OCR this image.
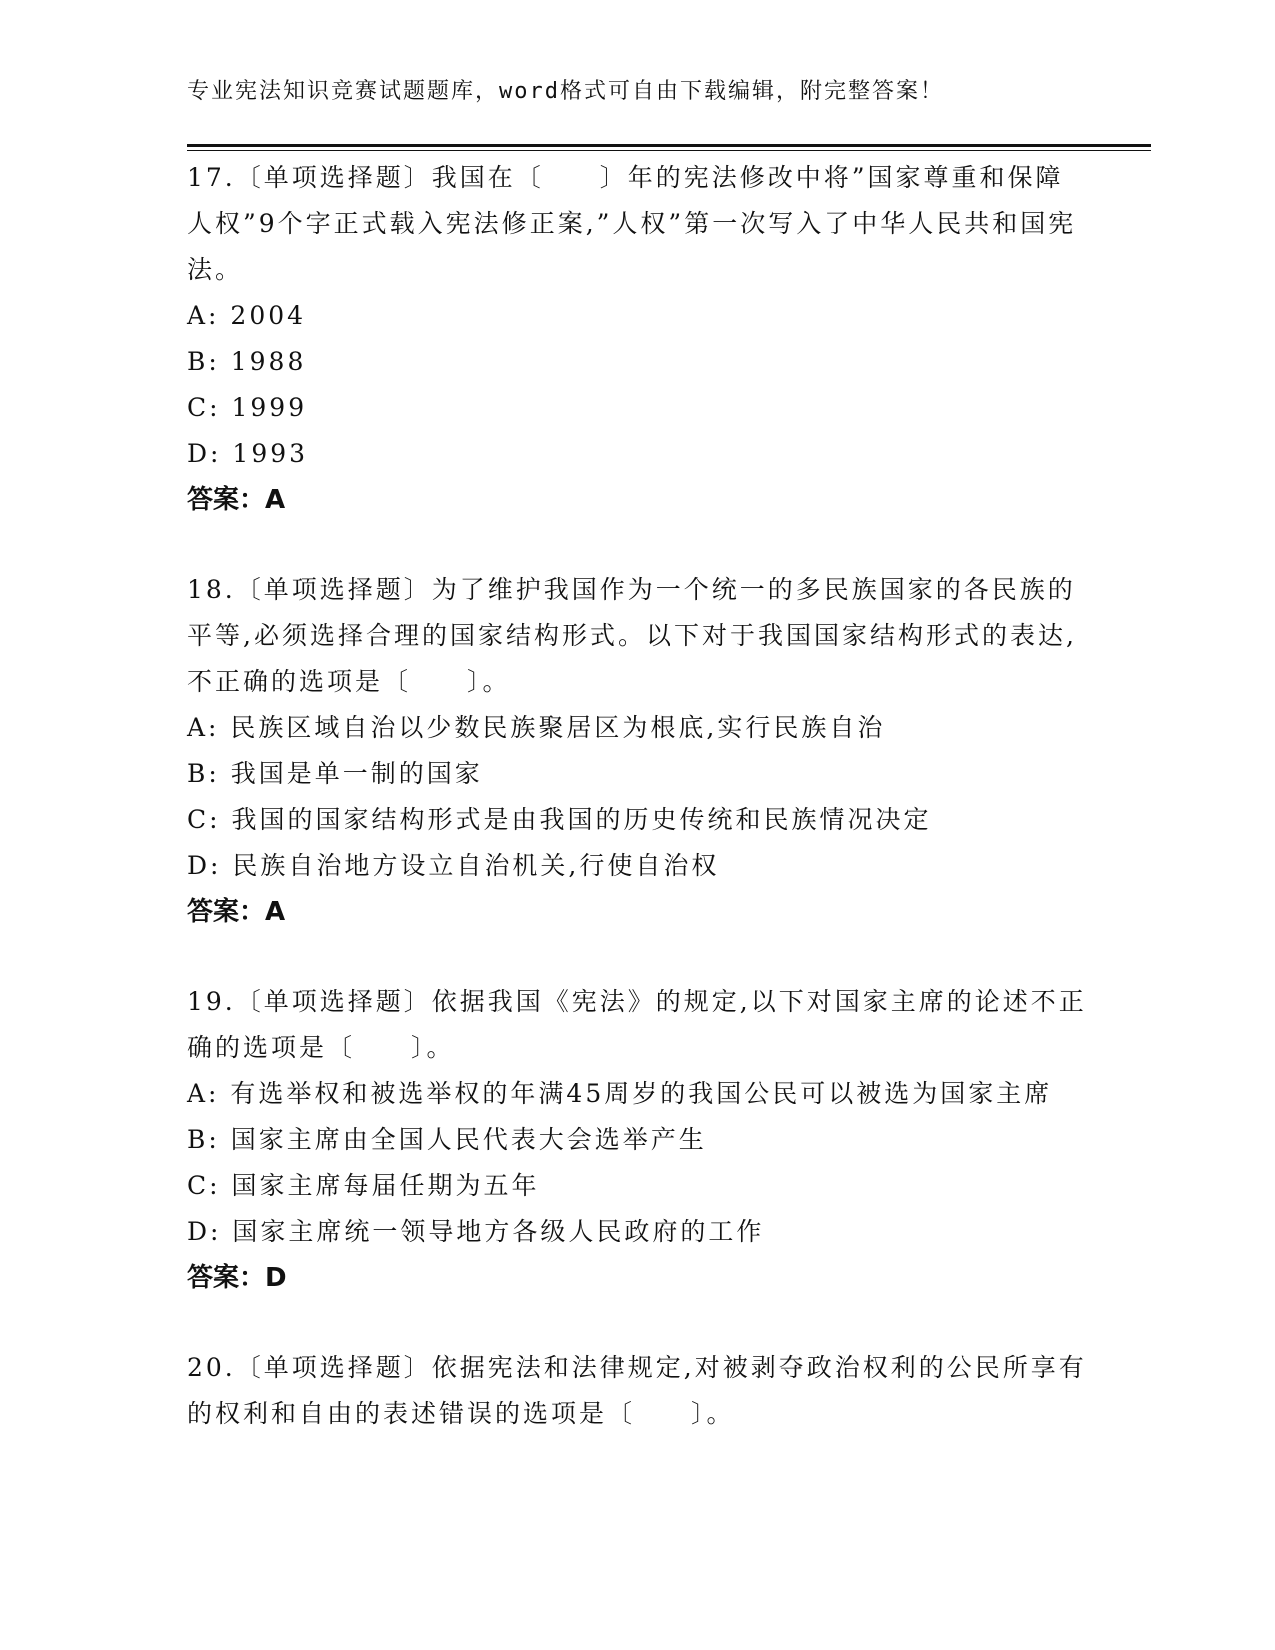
专业宪法知识竞赛试题题库，word格式可自由下载编辑，附完整答案！

17.〔单项选择题〕我国在〔　　〕年的宪法修改中将”国家尊重和保障人权”9个字正式载入宪法修正案,”人权”第一次写入了中华人民共和国宪法。

A: 2004

B: 1988

C: 1999

D: 1993

答案：A

18.〔单项选择题〕为了维护我国作为一个统一的多民族国家的各民族的平等,必须选择合理的国家结构形式。以下对于我国国家结构形式的表达,不正确的选项是〔　　〕。

A: 民族区域自治以少数民族聚居区为根底,实行民族自治

B: 我国是单一制的国家

C: 我国的国家结构形式是由我国的历史传统和民族情况决定

D: 民族自治地方设立自治机关,行使自治权

答案：A

19.〔单项选择题〕依据我国《宪法》的规定,以下对国家主席的论述不正确的选项是〔　　〕。

A: 有选举权和被选举权的年满45周岁的我国公民可以被选为国家主席

B: 国家主席由全国人民代表大会选举产生

C: 国家主席每届任期为五年

D: 国家主席统一领导地方各级人民政府的工作

答案：D

20.〔单项选择题〕依据宪法和法律规定,对被剥夺政治权利的公民所享有的权利和自由的表述错误的选项是〔　　〕。
